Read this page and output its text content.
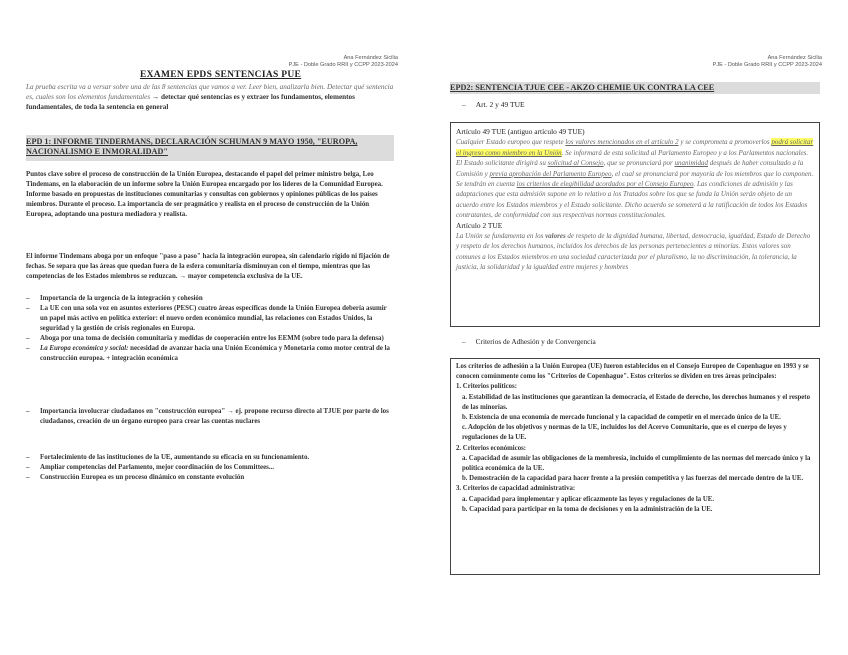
Ana Fernández Sicilia
PJE - Doble Grado RRII y CCPP 2023-2024
EXAMEN EPDS SENTENCIAS PUE
La prueba escrita va a versar sobre una de las 8 sentencias que vamos a ver. Leer bien, analizarla bien. Detectar qué sentencia es, cuales son los elementos fundamentales → detectar qué sentencias es y extraer los fundamentos, elementos fundamentales, de toda la sentencia en general
EPD 1: INFORME TINDERMANS, DECLARACIÓN SCHUMAN 9 MAYO 1950, "EUROPA, NACIONALISMO E INMORALIDAD"
Puntos clave sobre el proceso de construcción de la Unión Europea, destacando el papel del primer ministro belga, Leo Tindemans, en la elaboración de un informe sobre la Unión Europea encargado por los líderes de la Comunidad Europea. Informe basado en propuestas de instituciones comunitarias y consultas con gobiernos y opiniones públicas de los países miembros. Durante el proceso. La importancia de ser pragmático y realista en el proceso de construcción de la Unión Europea, adoptando una postura mediadora y realista.
El informe Tindemans aboga por un enfoque "paso a paso" hacia la integración europea, sin calendario rígido ni fijación de fechas. Se separa que las áreas que quedan fuera de la esfera comunitaria disminuyan con el tiempo, mientras que las competencias de los Estados miembros se reduzcan. → mayor competencia exclusiva de la UE.
– Importancia de la urgencia de la integración y cohesión
– La UE con una sola voz en asuntos exteriores (PESC) cuatro áreas específicas donde la Unión Europea debería asumir un papel más activo en política exterior: el nuevo orden económico mundial, las relaciones con Estados Unidos, la seguridad y la gestión de crisis regionales en Europa.
– Aboga por una toma de decisión comunitaria y medidas de cooperación entre los EEMM (sobre todo para la defensa)
– La Europa económica y social: necesidad de avanzar hacia una Unión Económica y Monetaria como motor central de la construcción europea. + integración económica
– Importancia involucrar ciudadanos en "construcción europea" → ej. propone recurso directo al TJUE por parte de los ciudadanos, creación de un órgano europeo para crear las cuentas nuclares
– Fortalecimiento de las instituciones de la UE, aumentando su eficacia en su funcionamiento.
– Ampliar competencias del Parlamento, mejor coordinación de los Committees...
– Construcción Europea es un proceso dinámico en constante evolución
Ana Fernández Sicilia
PJE - Doble Grado RRII y CCPP 2023-2024
EPD2: SENTENCIA TJUE CEE - AKZO CHEMIE UK CONTRA LA CEE
– Art. 2 y 49 TUE
Artículo 49 TUE (antiguo artículo 49 TUE)
Cualquier Estado europeo que respete los valores mencionados en el artículo 2 y se comprometa a promoverlos podrá solicitar el ingreso como miembro en la Unión. Se informará de esta solicitud al Parlamento Europeo y a los Parlamentos nacionales. El Estado solicitante dirigirá su solicitud al Consejo, que se pronunciará por unanimidad después de haber consultado a la Comisión y previa aprobación del Parlamento Europeo, el cual se pronunciará por mayoría de los miembros que lo componen. Se tendrán en cuenta los criterios de elegibilidad acordados por el Consejo Europeo. Las condiciones de admisión y las adaptaciones que esta admisión supone en lo relativo a los Tratados sobre los que se funda la Unión serán objeto de un acuerdo entre los Estados miembros y el Estado solicitante. Dicho acuerdo se someterá a la ratificación de todos los Estados contratantes, de conformidad con sus respectivas normas constitucionales.
Artículo 2 TUE
La Unión se fundamenta en los valores de respeto de la dignidad humana, libertad, democracia, igualdad, Estado de Derecho y respeto de los derechos humanos, incluidos los derechos de las personas pertenecientes a minorías. Estos valores son comunes a los Estados miembros en una sociedad caracterizada por el pluralismo, la no discriminación, la tolerancia, la justicia, la solidaridad y la igualdad entre mujeres y hombres
– Criterios de Adhesión y de Convergencia

Los criterios de adhesión a la Unión Europea (UE) fueron establecidos en el Consejo Europeo de Copenhague en 1993 y se conocen comúnmente como los "Criterios de Copenhague". Estos criterios se dividen en tres áreas principales:

1. Criterios políticos:

a. Estabilidad de las instituciones que garantizan la democracia, el Estado de derecho, los derechos humanos y el respeto de las minorías.

b. Existencia de una economía de mercado funcional y la capacidad de competir en el mercado único de la UE.

c. Adopción de los objetivos y normas de la UE, incluidos los del Acervo Comunitario, que es el cuerpo de leyes y regulaciones de la UE.

2. Criterios económicos:

a. Capacidad de asumir las obligaciones de la membresía, incluido el cumplimiento de las normas del mercado único y la política económica de la UE.

b. Demostración de la capacidad para hacer frente a la presión competitiva y las fuerzas del mercado dentro de la UE.

3. Criterios de capacidad administrativa:

a. Capacidad para implementar y aplicar eficazmente las leyes y regulaciones de la UE.

b. Capacidad para participar en la toma de decisiones y en la administración de la UE.
